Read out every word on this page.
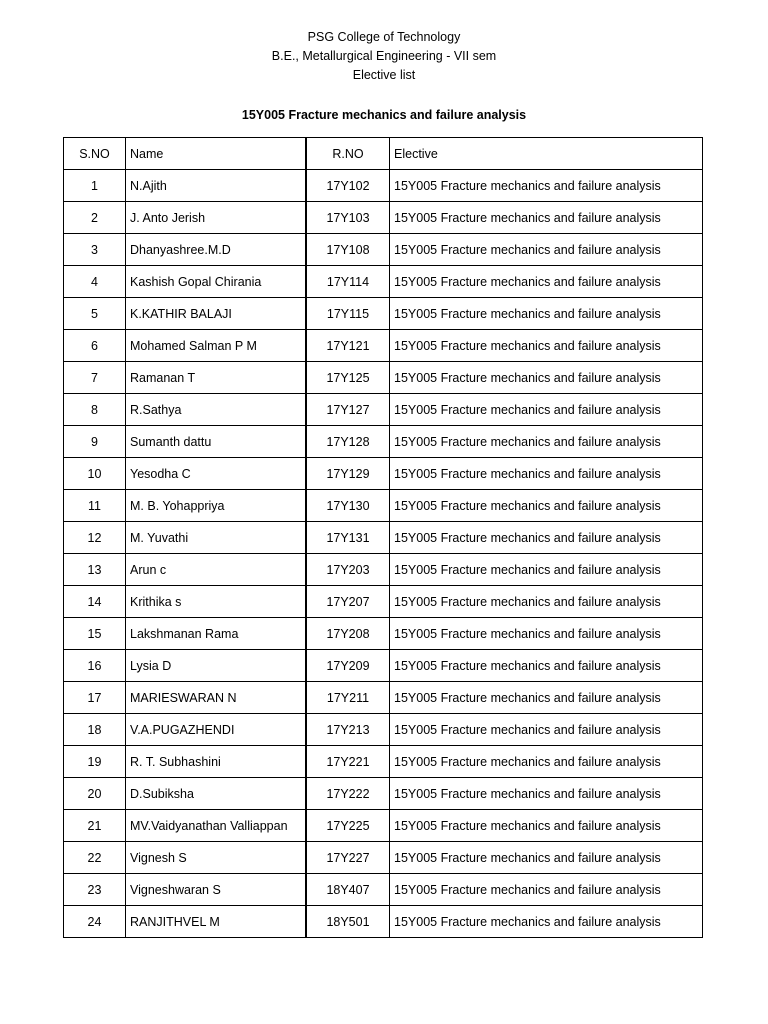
PSG College of Technology
B.E., Metallurgical Engineering - VII sem
Elective list
15Y005 Fracture mechanics and failure analysis
S.NO	Name	R.NO	Elective
1	N.Ajith	17Y102	15Y005 Fracture mechanics and failure analysis
2	J. Anto Jerish	17Y103	15Y005 Fracture mechanics and failure analysis
3	Dhanyashree.M.D	17Y108	15Y005 Fracture mechanics and failure analysis
4	Kashish Gopal Chirania	17Y114	15Y005 Fracture mechanics and failure analysis
5	K.KATHIR BALAJI	17Y115	15Y005 Fracture mechanics and failure analysis
6	Mohamed Salman P M	17Y121	15Y005 Fracture mechanics and failure analysis
7	Ramanan T	17Y125	15Y005 Fracture mechanics and failure analysis
8	R.Sathya	17Y127	15Y005 Fracture mechanics and failure analysis
9	Sumanth dattu	17Y128	15Y005 Fracture mechanics and failure analysis
10	Yesodha C	17Y129	15Y005 Fracture mechanics and failure analysis
11	M. B. Yohappriya	17Y130	15Y005 Fracture mechanics and failure analysis
12	M. Yuvathi	17Y131	15Y005 Fracture mechanics and failure analysis
13	Arun c	17Y203	15Y005 Fracture mechanics and failure analysis
14	Krithika s	17Y207	15Y005 Fracture mechanics and failure analysis
15	Lakshmanan Rama	17Y208	15Y005 Fracture mechanics and failure analysis
16	Lysia D	17Y209	15Y005 Fracture mechanics and failure analysis
17	MARIESWARAN N	17Y211	15Y005 Fracture mechanics and failure analysis
18	V.A.PUGAZHENDI	17Y213	15Y005 Fracture mechanics and failure analysis
19	R. T. Subhashini	17Y221	15Y005 Fracture mechanics and failure analysis
20	D.Subiksha	17Y222	15Y005 Fracture mechanics and failure analysis
21	MV.Vaidyanathan Valliappan	17Y225	15Y005 Fracture mechanics and failure analysis
22	Vignesh S	17Y227	15Y005 Fracture mechanics and failure analysis
23	Vigneshwaran S	18Y407	15Y005 Fracture mechanics and failure analysis
24	RANJITHVEL M	18Y501	15Y005 Fracture mechanics and failure analysis
